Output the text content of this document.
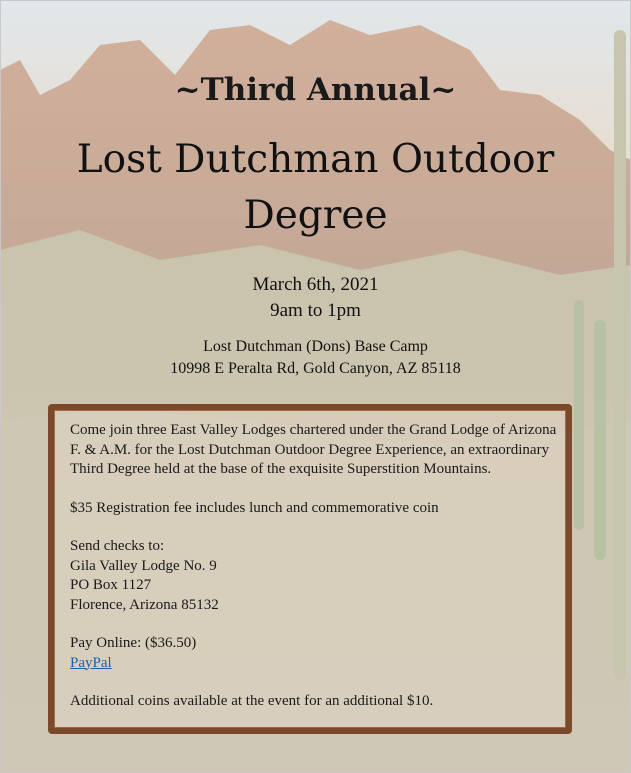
~Third Annual~
Lost Dutchman Outdoor
Degree
March 6th, 2021
9am to 1pm
Lost Dutchman (Dons) Base Camp
10998 E Peralta Rd, Gold Canyon, AZ 85118

Come join three East Valley Lodges chartered under the Grand Lodge of Arizona F. & A.M. for the Lost Dutchman Outdoor Degree Experience, an extraordinary Third Degree held at the base of the exquisite Superstition Mountains.

$35 Registration fee includes lunch and commemorative coin

Send checks to:

Gila Valley Lodge No. 9

PO Box 1127

Florence, Arizona 85132

Pay Online: ($36.50)

PayPal

Additional coins available at the event for an additional $10.
